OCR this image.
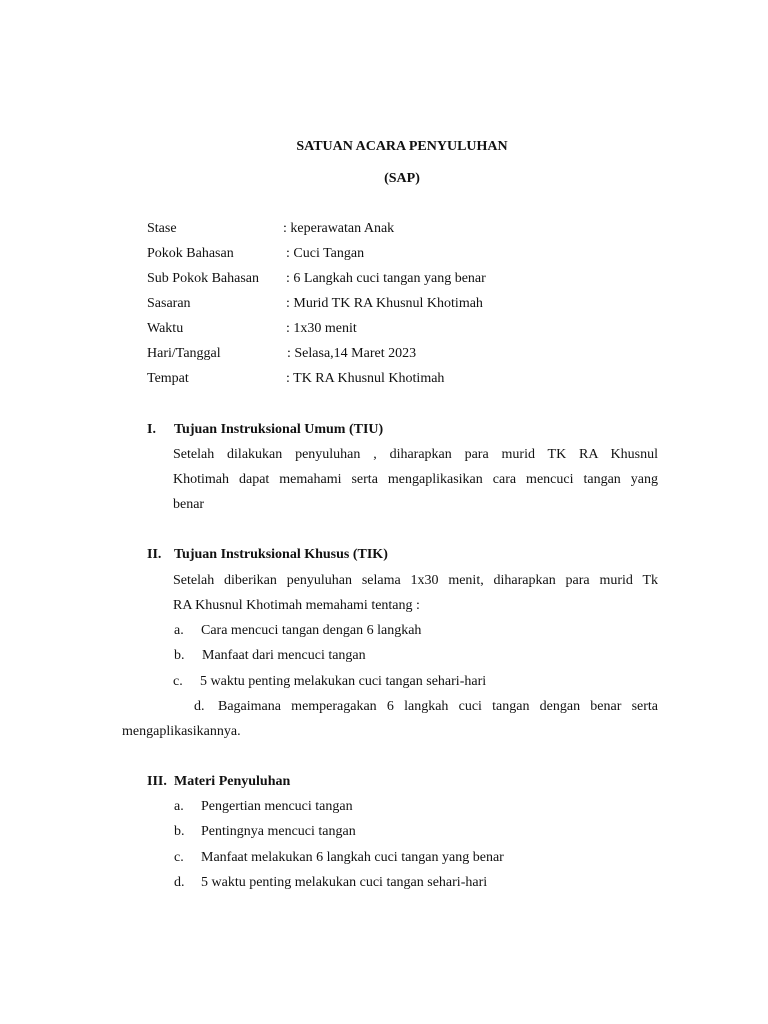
SATUAN ACARA PENYULUHAN
(SAP)
Stase	: keperawatan Anak
Pokok Bahasan	: Cuci Tangan
Sub Pokok Bahasan : 6 Langkah cuci tangan yang benar
Sasaran	: Murid TK RA Khusnul Khotimah
Waktu	: 1x30 menit
Hari/Tanggal	: Selasa,14 Maret 2023
Tempat	: TK RA Khusnul Khotimah
I. Tujuan Instruksional Umum (TIU)
Setelah dilakukan penyuluhan , diharapkan para murid TK RA Khusnul
Khotimah dapat memahami serta mengaplikasikan cara mencuci tangan yang
benar
II. Tujuan Instruksional Khusus (TIK)
Setelah diberikan penyuluhan selama 1x30 menit, diharapkan para murid Tk
RA Khusnul Khotimah memahami tentang :
a. Cara mencuci tangan dengan 6 langkah
b. Manfaat dari mencuci tangan
c. 5 waktu penting melakukan cuci tangan sehari-hari
d. Bagaimana memperagakan 6 langkah cuci tangan dengan benar serta
mengaplikasikannya.
III. Materi Penyuluhan
a. Pengertian mencuci tangan
b. Pentingnya mencuci tangan
c. Manfaat melakukan 6 langkah cuci tangan yang benar
d. 5 waktu penting melakukan cuci tangan sehari-hari
